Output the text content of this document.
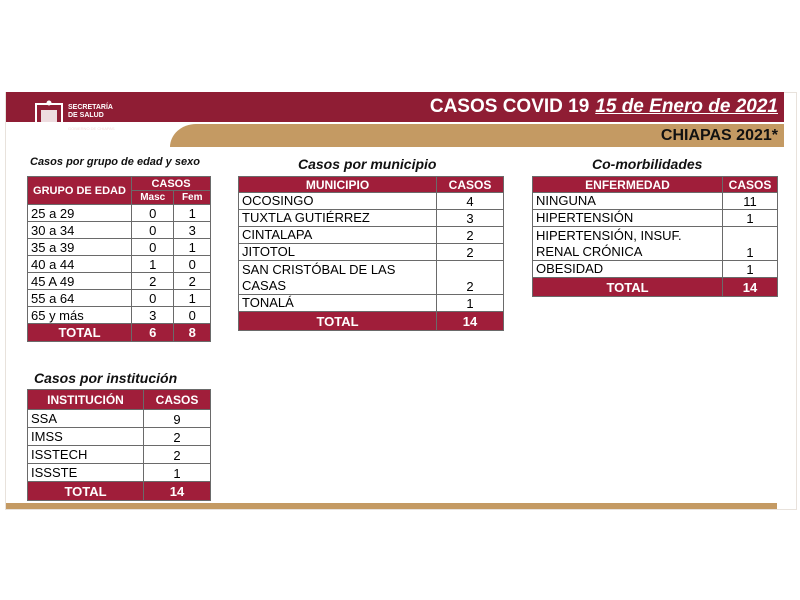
SECRETARÍA
DE SALUD
GOBIERNO DE CHIAPAS
CASOS COVID 19 15 de Enero de 2021
CHIAPAS 2021*
Casos por grupo de edad y sexo
GRUPO DE EDAD	CASOS	
	Masc	Fem
25 a 29	0	1
30 a 34	0	3
35 a 39	0	1
40 a 44	1	0
45 A 49	2	2
55 a 64	0	1
65 y más	3	0
TOTAL	6	8
Casos por municipio
MUNICIPIO	CASOS
OCOSINGO	4
TUXTLA GUTIÉRREZ	3
CINTALAPA	2
JITOTOL	2
SAN CRISTÓBAL DE LAS CASAS	2
TONALÁ	1
TOTAL	14
Co-morbilidades
ENFERMEDAD	CASOS
NINGUNA	11
HIPERTENSIÓN	1
HIPERTENSIÓN, INSUF. RENAL CRÓNICA	1
OBESIDAD	1
TOTAL	14
Casos por institución
INSTITUCIÓN	CASOS
SSA	9
IMSS	2
ISSTECH	2
ISSSTE	1
TOTAL	14
